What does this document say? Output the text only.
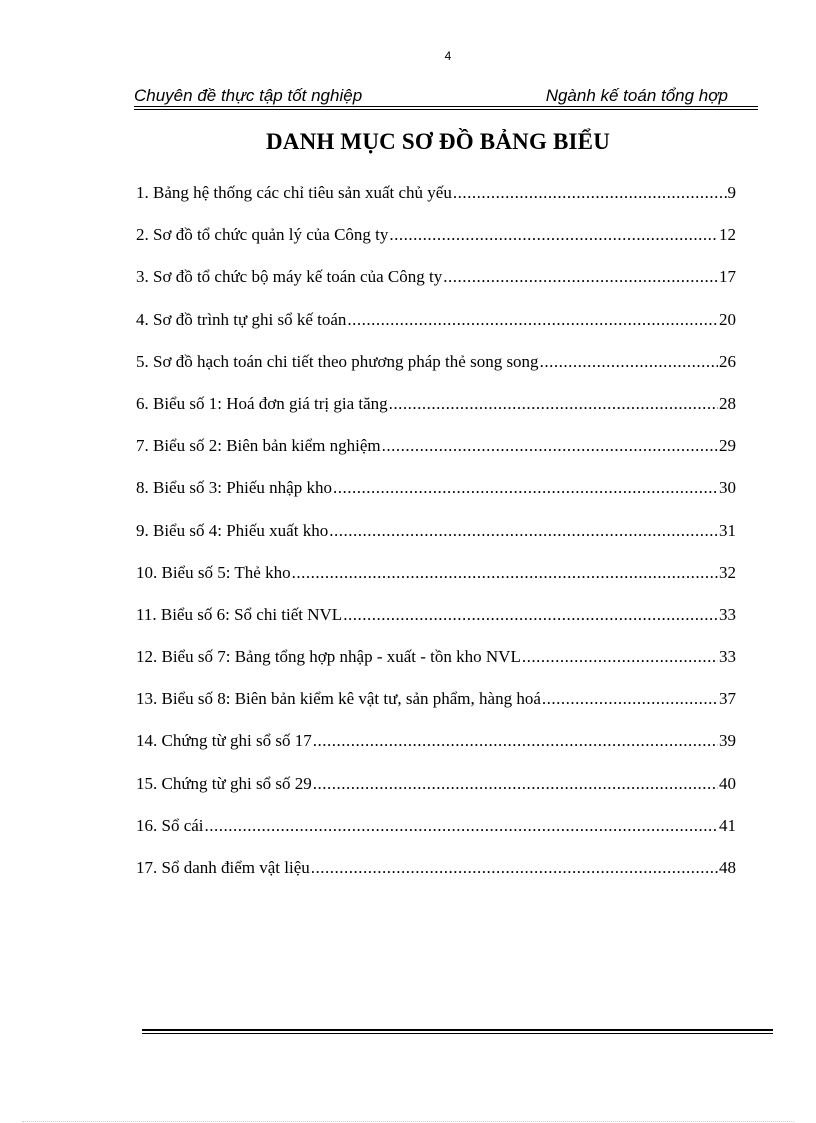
4
Chuyên đề thực tập tốt nghiệp	Ngành kế toán tổng hợp
DANH MỤC SƠ ĐỒ BẢNG BIỂU
1. Bảng hệ thống các chỉ tiêu sản xuất chủ yếu .....	9
2. Sơ đồ tổ chức quản lý của Công ty .....	12
3. Sơ đồ tổ chức bộ máy kế toán của Công ty .....	17
4. Sơ đồ trình tự ghi sổ kế toán .....	20
5. Sơ đồ hạch toán chi tiết theo phương pháp thẻ song song .....	26
6. Biểu số 1: Hoá đơn giá trị gia tăng .....	28
7. Biểu số 2: Biên bản kiểm nghiệm .....	29
8. Biểu số 3: Phiếu nhập kho .....	30
9. Biểu số 4: Phiếu xuất kho .....	31
10. Biểu số 5: Thẻ kho .....	32
11. Biểu số 6: Sổ chi tiết NVL .....	33
12. Biểu số 7: Bảng tổng hợp nhập - xuất - tồn kho NVL .....	33
13. Biểu số 8: Biên bản kiểm kê vật tư, sản phẩm, hàng hoá .....	37
14. Chứng từ ghi sổ số 17 .....	39
15. Chứng từ ghi sổ số 29 .....	40
16. Sổ cái .....	41
17. Sổ danh điểm vật liệu .....	48
